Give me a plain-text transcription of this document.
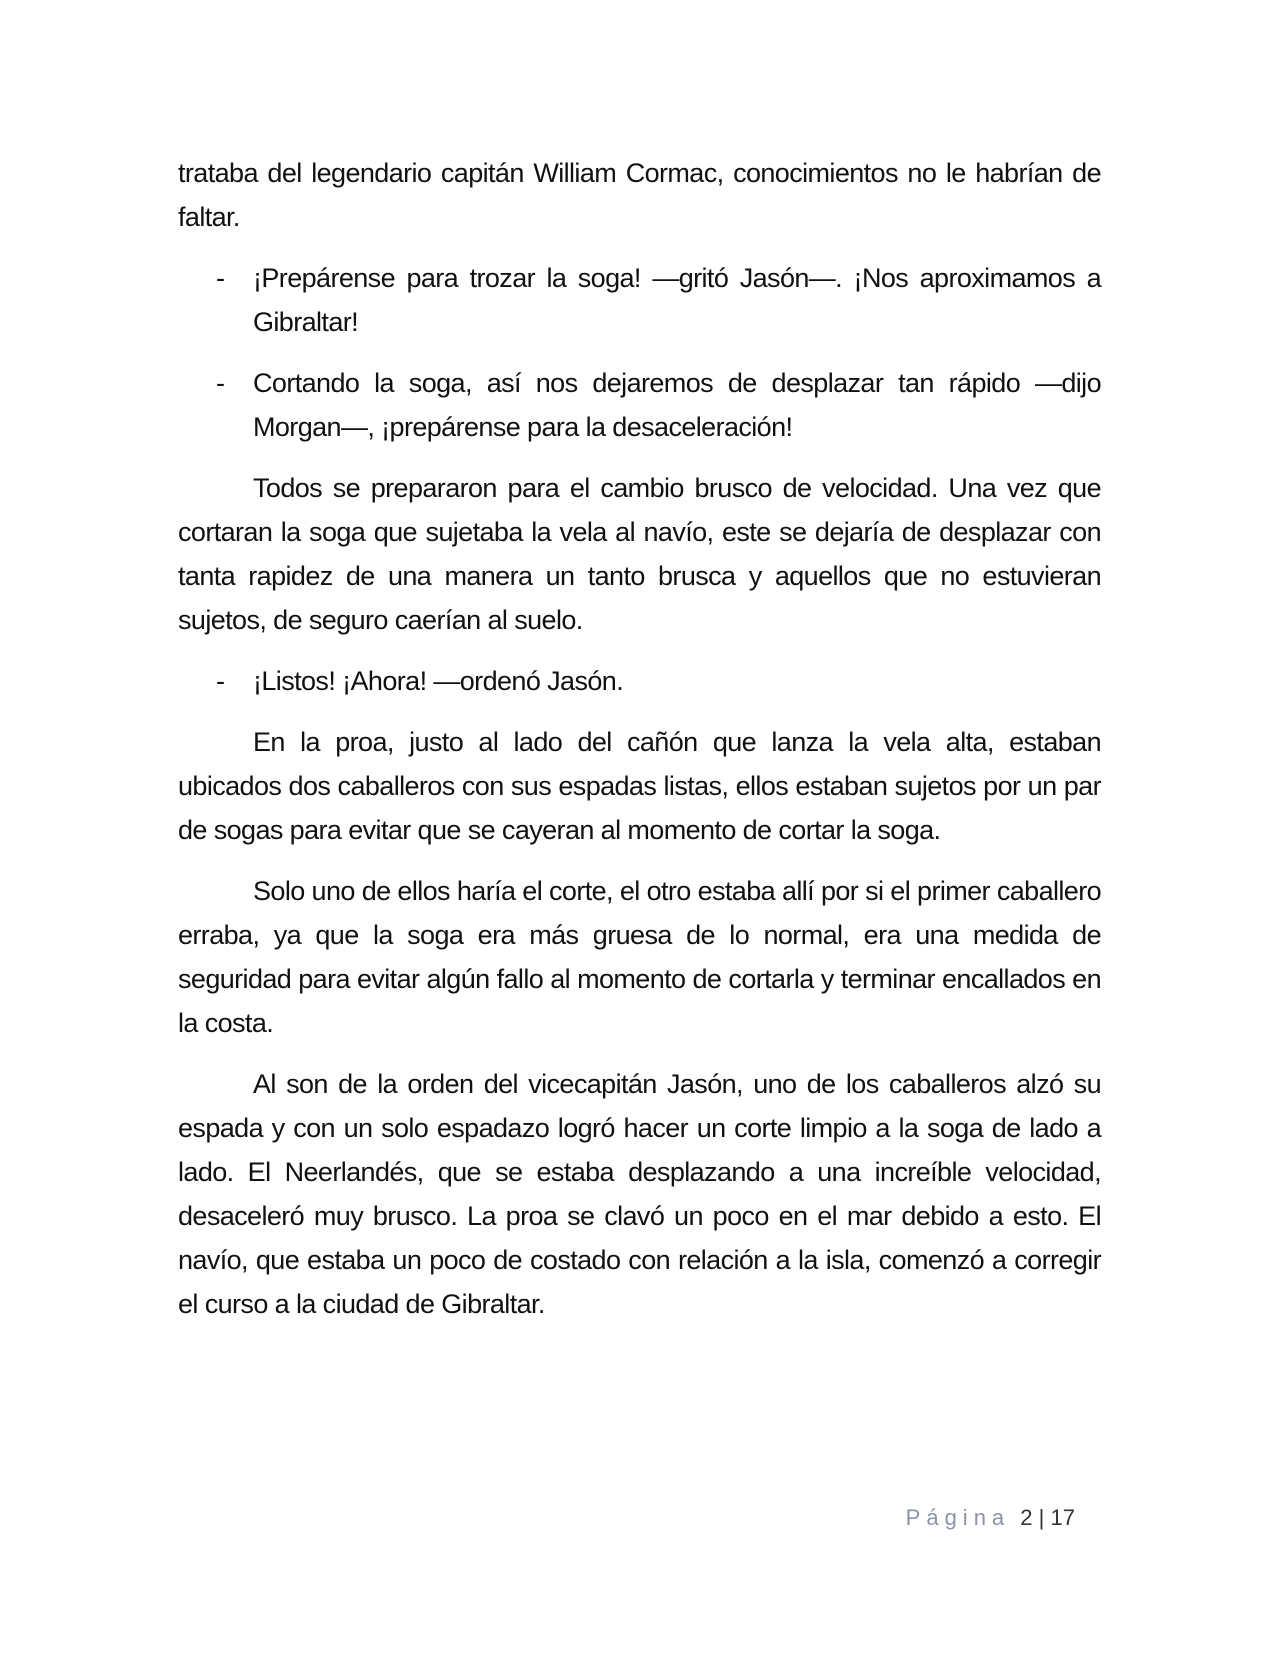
trataba del legendario capitán William Cormac, conocimientos no le habrían de faltar.

- ¡Prepárense para trozar la soga! —gritó Jasón—. ¡Nos aproximamos a Gibraltar!
- Cortando la soga, así nos dejaremos de desplazar tan rápido —dijo Morgan—, ¡prepárense para la desaceleración!

Todos se prepararon para el cambio brusco de velocidad. Una vez que cortaran la soga que sujetaba la vela al navío, este se dejaría de desplazar con tanta rapidez de una manera un tanto brusca y aquellos que no estuvieran sujetos, de seguro caerían al suelo.

- ¡Listos! ¡Ahora! —ordenó Jasón.

En la proa, justo al lado del cañón que lanza la vela alta, estaban ubicados dos caballeros con sus espadas listas, ellos estaban sujetos por un par de sogas para evitar que se cayeran al momento de cortar la soga.

Solo uno de ellos haría el corte, el otro estaba allí por si el primer caballero erraba, ya que la soga era más gruesa de lo normal, era una medida de seguridad para evitar algún fallo al momento de cortarla y terminar encallados en la costa.

Al son de la orden del vicecapitán Jasón, uno de los caballeros alzó su espada y con un solo espadazo logró hacer un corte limpio a la soga de lado a lado. El Neerlandés, que se estaba desplazando a una increíble velocidad, desaceleró muy brusco. La proa se clavó un poco en el mar debido a esto. El navío, que estaba un poco de costado con relación a la isla, comenzó a corregir el curso a la ciudad de Gibraltar.

Página 2 | 17
